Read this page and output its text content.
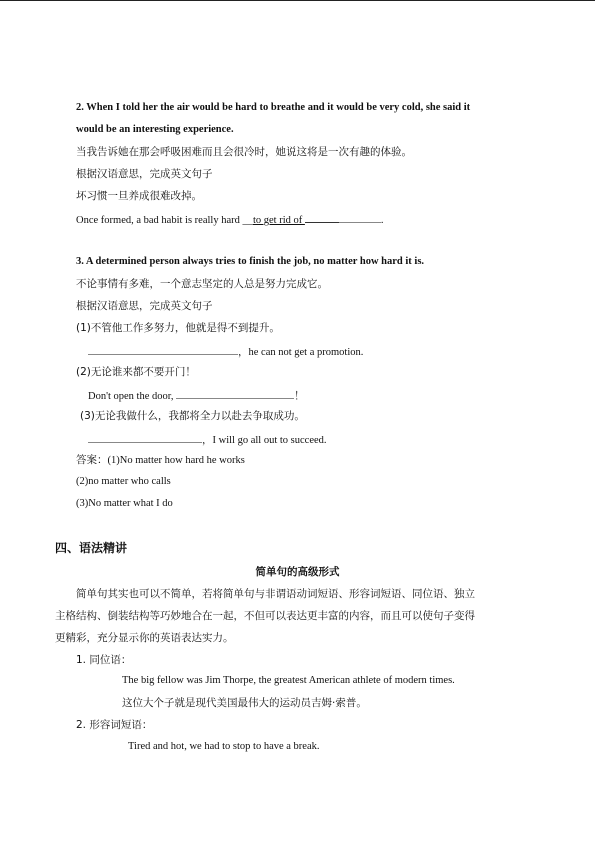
2. When I told her the air would be hard to breathe and it would be very cold, she said it
would be an interesting experience.
当我告诉她在那会呼吸困难而且会很冷时，她说这将是一次有趣的体验。
根据汉语意思，完成英文句子
坏习惯一旦养成很难改掉。
Once formed, a bad habit is really hard __to get rid of	.
3. A determined person always tries to finish the job, no matter how hard it is.
不论事情有多难，一个意志坚定的人总是努力完成它。
根据汉语意思，完成英文句子
(1)不管他工作多努力，他就是得不到提升。
，he can not get a promotion.
(2)无论谁来都不要开门！
Don't open the door,	！
(3)无论我做什么，我都将全力以赴去争取成功。
，I will go all out to succeed.
答案：(1)No matter how hard he works
(2)no matter who calls
(3)No matter what I do
四、语法精讲
简单句的高级形式
简单句其实也可以不简单，若将简单句与非谓语动词短语、形容词短语、同位语、独立
主格结构、倒装结构等巧妙地合在一起，不但可以表达更丰富的内容，而且可以使句子变得
更精彩，充分显示你的英语表达实力。
1. 同位语：
The big fellow was Jim Thorpe, the greatest American athlete of modern times.
这位大个子就是现代美国最伟大的运动员吉姆·索普。
2. 形容词短语：
Tired and hot, we had to stop to have a break.
